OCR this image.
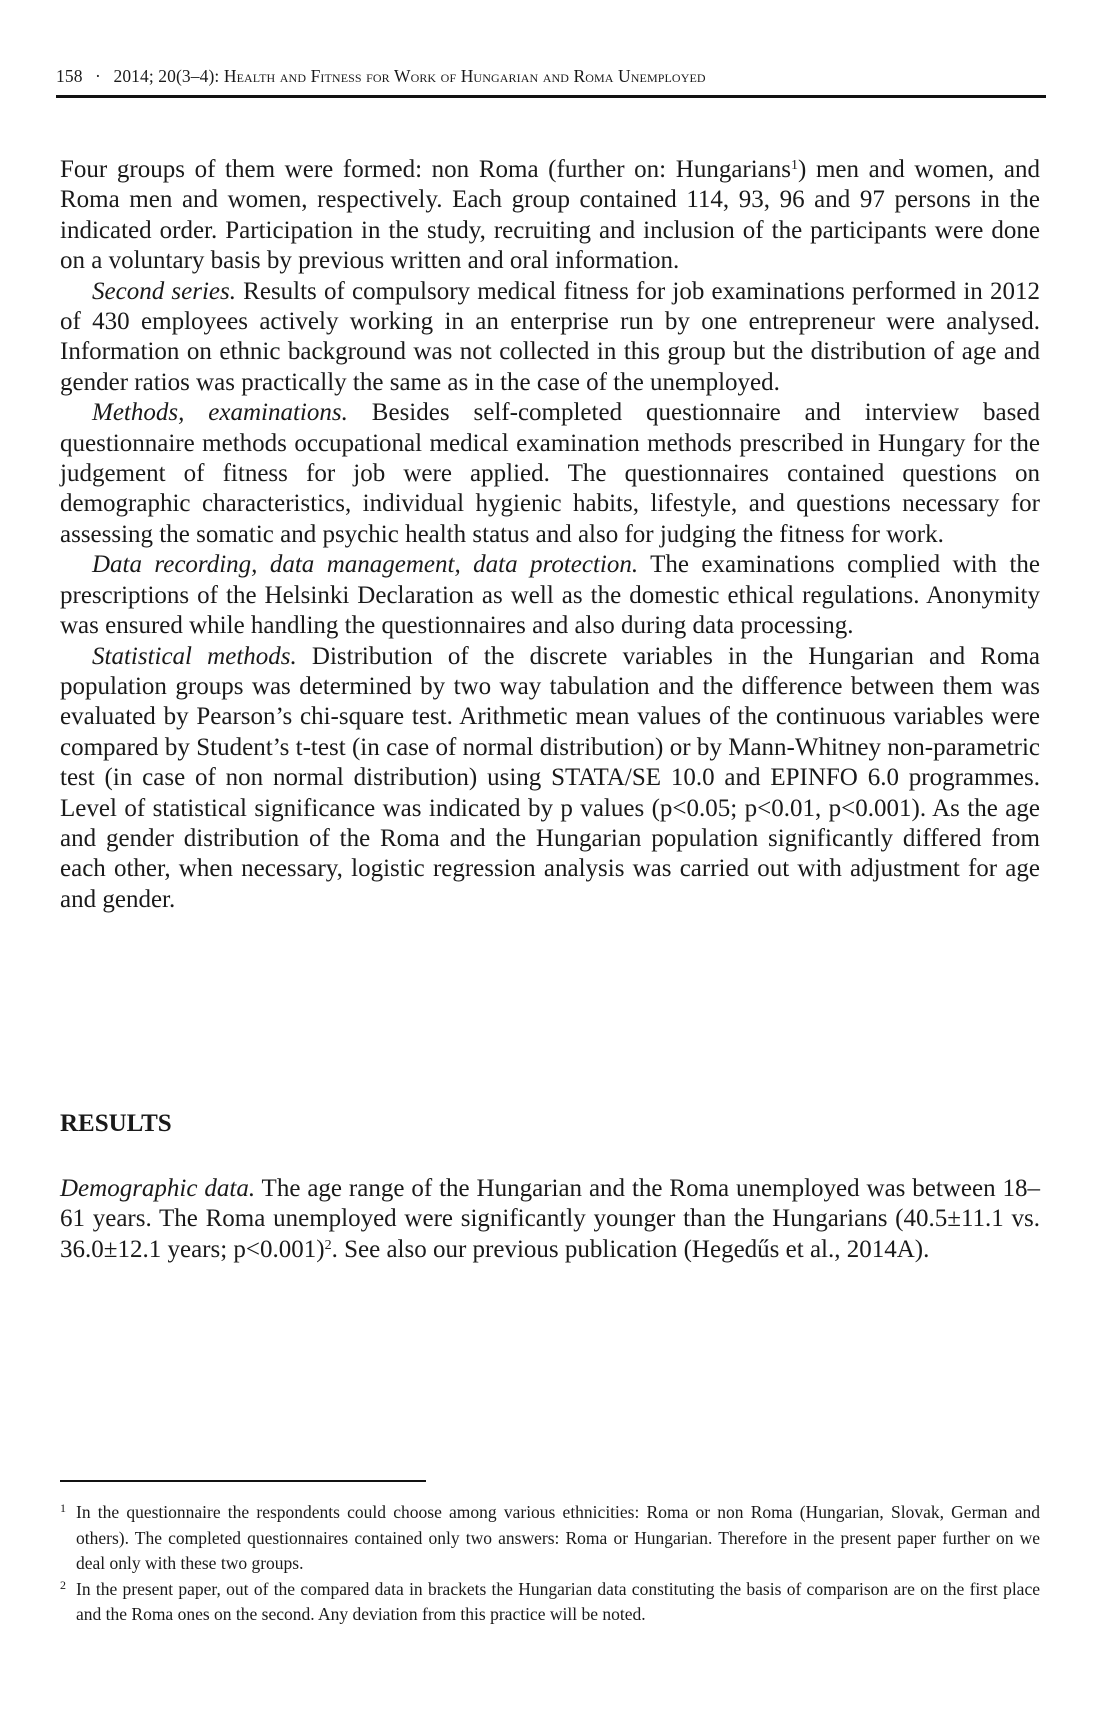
158 · 2014; 20(3–4): Health and Fitness for Work of Hungarian and Roma Unemployed

Four groups of them were formed: non Roma (further on: Hungarians$^1$) men and women, and Roma men and women, respectively. Each group contained 114, 93, 96 and 97 persons in the indicated order. Participation in the study, recruiting and inclusion of the participants were done on a voluntary basis by previous written and oral information.

Second series. Results of compulsory medical fitness for job examinations performed in 2012 of 430 employees actively working in an enterprise run by one entrepreneur were analysed. Information on ethnic background was not collected in this group but the distribution of age and gender ratios was practically the same as in the case of the unemployed.

Methods, examinations. Besides self-completed questionnaire and interview based questionnaire methods occupational medical examination methods prescribed in Hungary for the judgement of fitness for job were applied. The questionnaires contained questions on demographic characteristics, individual hygienic habits, lifestyle, and questions necessary for assessing the somatic and psychic health status and also for judging the fitness for work.

Data recording, data management, data protection. The examinations complied with the prescriptions of the Helsinki Declaration as well as the domestic ethical regulations. Anonymity was ensured while handling the questionnaires and also during data processing.

Statistical methods. Distribution of the discrete variables in the Hungarian and Roma population groups was determined by two way tabulation and the difference between them was evaluated by Pearson’s chi-square test. Arithmetic mean values of the continuous variables were compared by Student’s t-test (in case of normal distribution) or by Mann-Whitney non-parametric test (in case of non normal distribution) using STATA/SE 10.0 and EPINFO 6.0 programmes. Level of statistical significance was indicated by p values (p<0.05; p<0.01, p<0.001). As the age and gender distribution of the Roma and the Hungarian population significantly differed from each other, when necessary, logistic regression analysis was carried out with adjustment for age and gender.

RESULTS

Demographic data. The age range of the Hungarian and the Roma unemployed was between 18–61 years. The Roma unemployed were significantly younger than the Hungarians (40.5±11.1 vs. 36.0±12.1 years; p<0.001)$^2$. See also our previous publication (Hegedűs et al., 2014A).

1 In the questionnaire the respondents could choose among various ethnicities: Roma or non Roma (Hungarian, Slovak, German and others). The completed questionnaires contained only two answers: Roma or Hungarian. Therefore in the present paper further on we deal only with these two groups.

2 In the present paper, out of the compared data in brackets the Hungarian data constituting the basis of comparison are on the first place and the Roma ones on the second. Any deviation from this practice will be noted.
